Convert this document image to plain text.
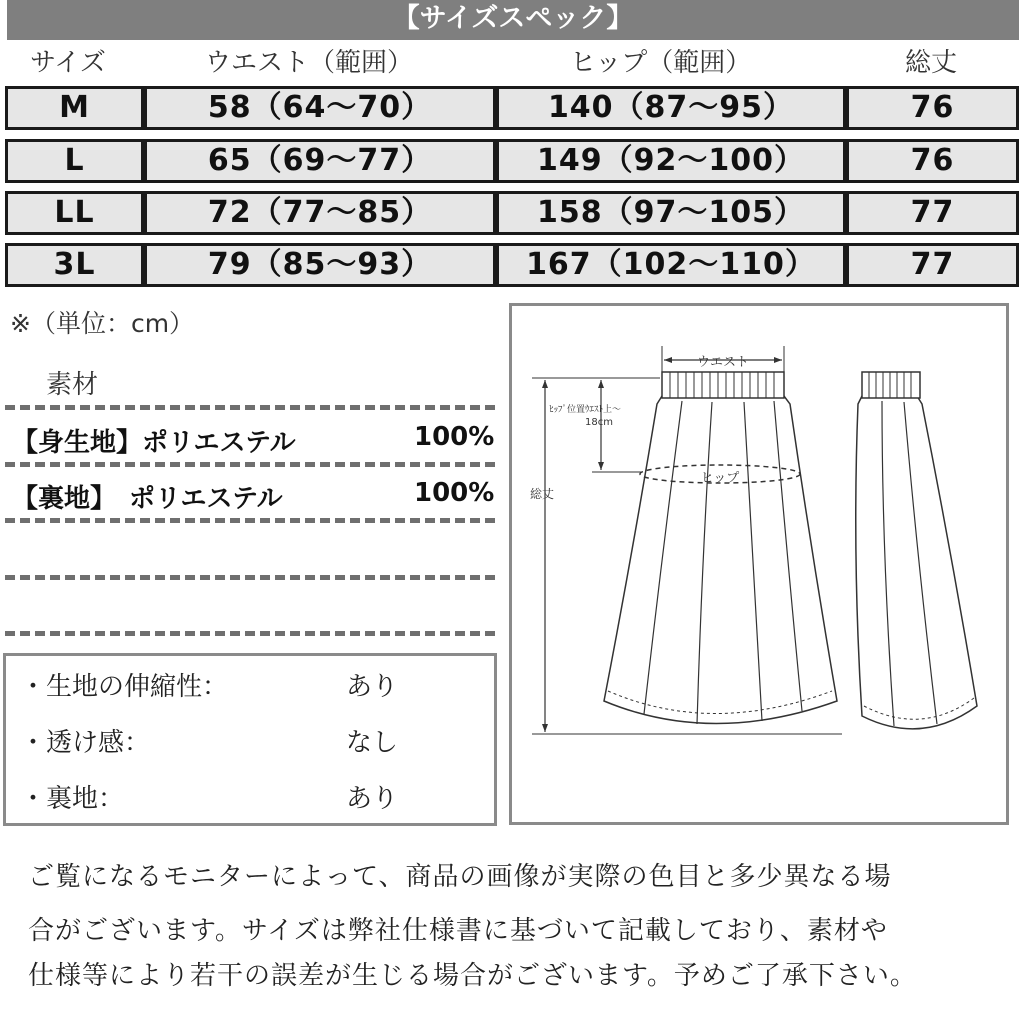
【サイズスペック】
サイズ	ウエスト（範囲）	ヒップ（範囲）	総丈
M	58（64〜70）	140（87〜95）	76
L	65（69〜77）	149（92〜100）	76
LL	72（77〜85）	158（97〜105）	77
3L	79（85〜93）	167（102〜110）	77
※（単位：cm）
素材
【身生地】ポリエステル	100%
【裏地】　ポリエステル	100%
・生地の伸縮性：	あり
・透け感：	なし
・裏地：	あり
ウエスト
ヒップ
総丈
ﾋｯﾌﾟ位置ｳｴｽﾄ上～
18cm
ご覧になるモニターによって、商品の画像が実際の色目と多少異なる場
合がございます。サイズは弊社仕様書に基づいて記載しており、素材や
仕様等により若干の誤差が生じる場合がございます。予めご了承下さい。
